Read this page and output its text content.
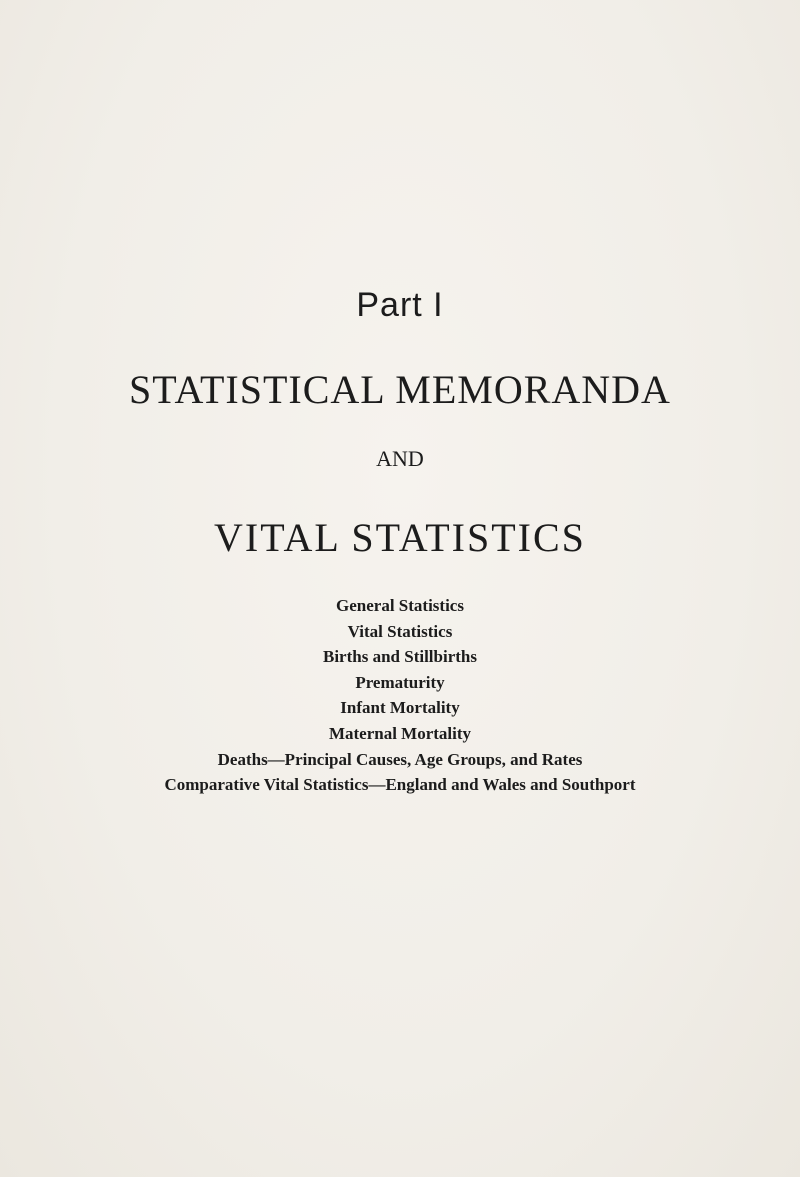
Part I
STATISTICAL MEMORANDA
AND
VITAL STATISTICS
General Statistics
Vital Statistics
Births and Stillbirths
Prematurity
Infant Mortality
Maternal Mortality
Deaths—Principal Causes, Age Groups, and Rates
Comparative Vital Statistics—England and Wales and Southport
